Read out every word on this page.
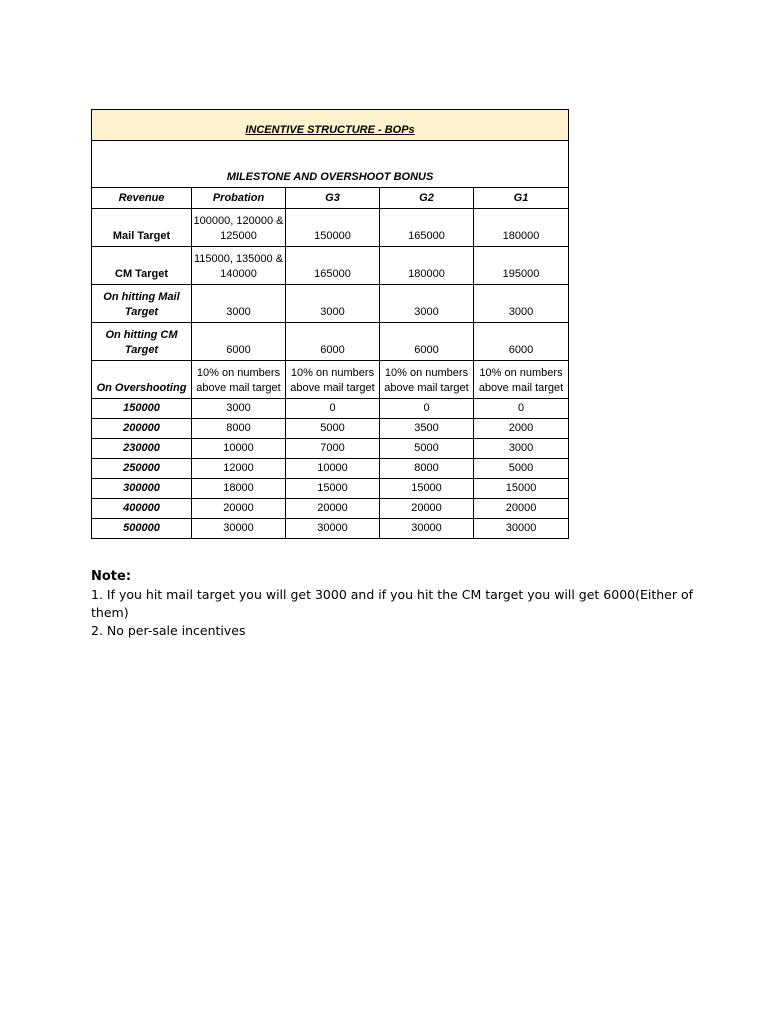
INCENTIVE STRUCTURE - BOPs				
MILESTONE AND OVERSHOOT BONUS				
Revenue	Probation	G3	G2	G1
Mail Target	100000, 120000 & 125000	150000	165000	180000
CM Target	115000, 135000 & 140000	165000	180000	195000
On hitting Mail Target	3000	3000	3000	3000
On hitting CM Target	6000	6000	6000	6000
On Overshooting	10% on numbers above mail target	10% on numbers above mail target	10% on numbers above mail target	10% on numbers above mail target
150000	3000	0	0	0
200000	8000	5000	3500	2000
230000	10000	7000	5000	3000
250000	12000	10000	8000	5000
300000	18000	15000	15000	15000
400000	20000	20000	20000	20000
500000	30000	30000	30000	30000
Note:
1. If you hit mail target you will get 3000 and if you hit the CM target you will get 6000(Either of them)
2. No per-sale incentives
